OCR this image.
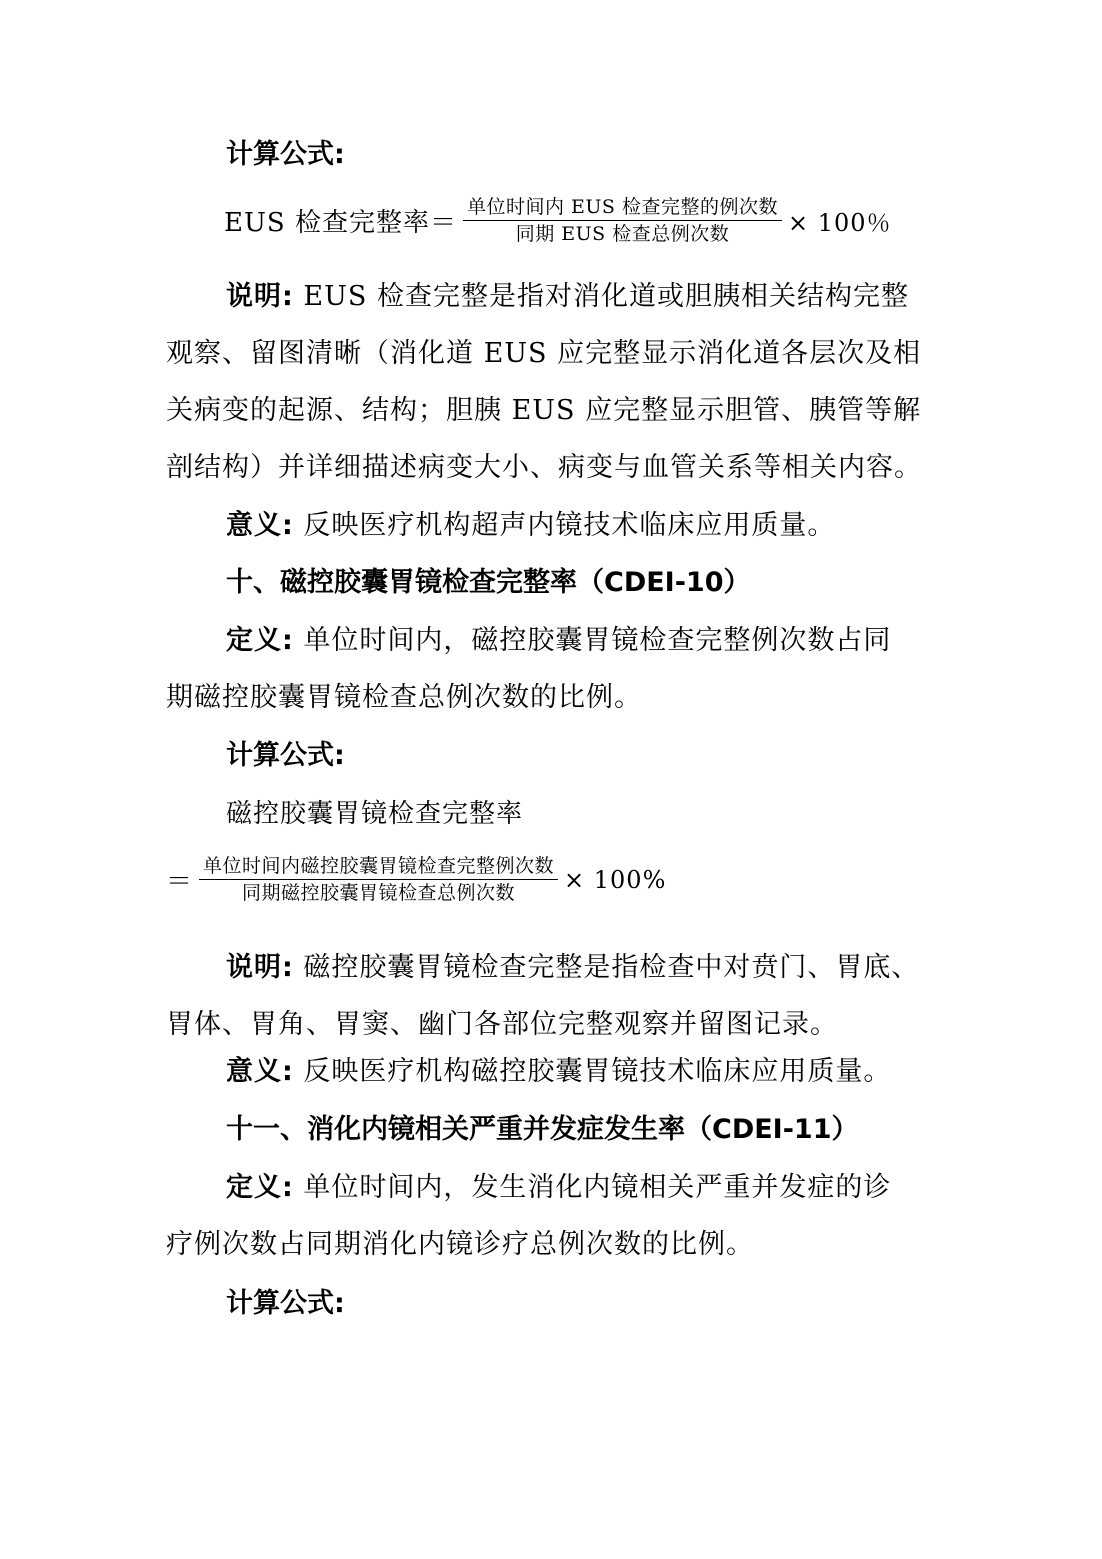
计算公式:
EUS 检查完整率＝ $\frac{\text{单位时间内 EUS 检查完整的例次数}}{\text{同期 EUS 检查总例次数}} \times 100$％
说明: EUS 检查完整是指对消化道或胆胰相关结构完整
观察、留图清晰（消化道 EUS 应完整显示消化道各层次及相
关病变的起源、结构；胆胰 EUS 应完整显示胆管、胰管等解
剖结构）并详细描述病变大小、病变与血管关系等相关内容。
意义: 反映医疗机构超声内镜技术临床应用质量。
十、磁控胶囊胃镜检查完整率（CDEI-10）
定义: 单位时间内，磁控胶囊胃镜检查完整例次数占同
期磁控胶囊胃镜检查总例次数的比例。
计算公式:
磁控胶囊胃镜检查完整率
＝ $\frac{\text{单位时间内磁控胶囊胃镜检查完整例次数}}{\text{同期磁控胶囊胃镜检查总例次数}} \times 100\%$
说明: 磁控胶囊胃镜检查完整是指检查中对贲门、胃底、
胃体、胃角、胃窦、幽门各部位完整观察并留图记录。
意义: 反映医疗机构磁控胶囊胃镜技术临床应用质量。
十一、消化内镜相关严重并发症发生率（CDEI-11）
定义: 单位时间内，发生消化内镜相关严重并发症的诊
疗例次数占同期消化内镜诊疗总例次数的比例。
计算公式:
